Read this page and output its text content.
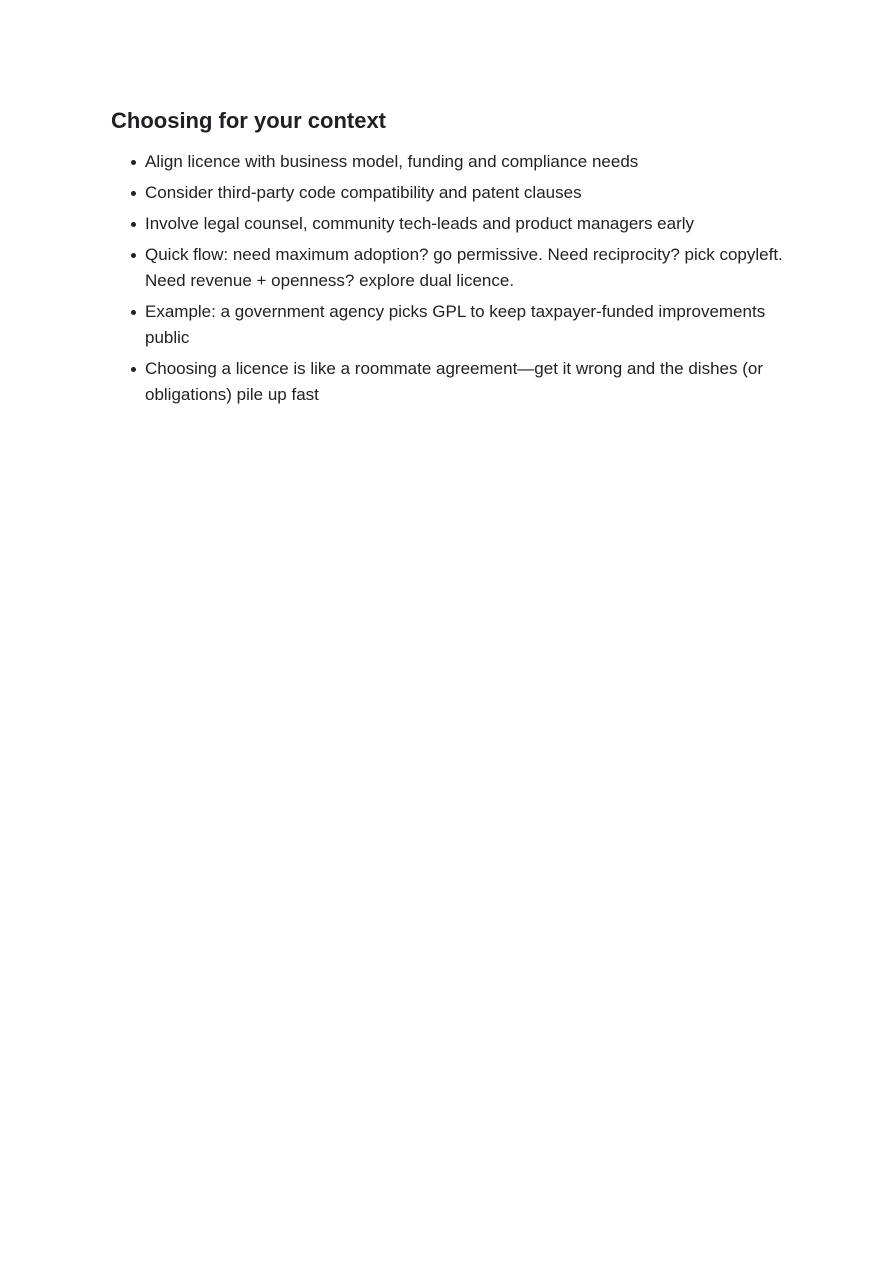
Choosing for your context
Align licence with business model, funding and compliance needs
Consider third-party code compatibility and patent clauses
Involve legal counsel, community tech-leads and product managers early
Quick flow: need maximum adoption? go permissive. Need reciprocity? pick copyleft. Need revenue + openness? explore dual licence.
Example: a government agency picks GPL to keep taxpayer-funded improvements public
Choosing a licence is like a roommate agreement—get it wrong and the dishes (or obligations) pile up fast
